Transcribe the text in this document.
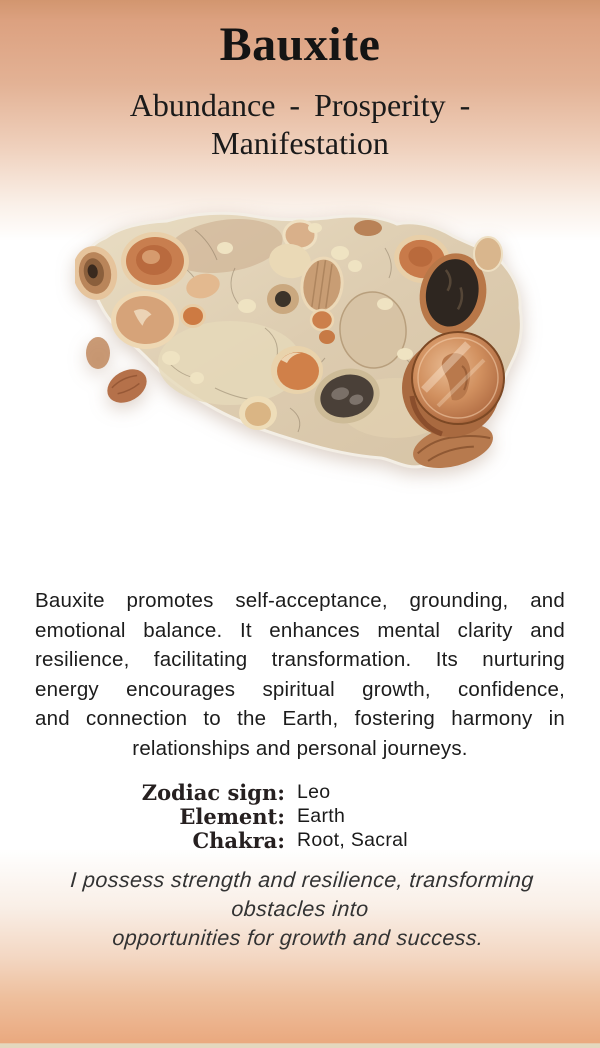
Bauxite
Abundance - Prosperity - Manifestation
Bauxite promotes self-acceptance, grounding, and
emotional balance. It enhances mental clarity and
resilience, facilitating transformation. Its nurturing
energy encourages spiritual growth, confidence,
and connection to the Earth, fostering harmony in
relationships and personal journeys.
Zodiac sign: Leo
Element: Earth
Chakra: Root, Sacral
I possess strength and resilience, transforming obstacles into
opportunities for growth and success.
